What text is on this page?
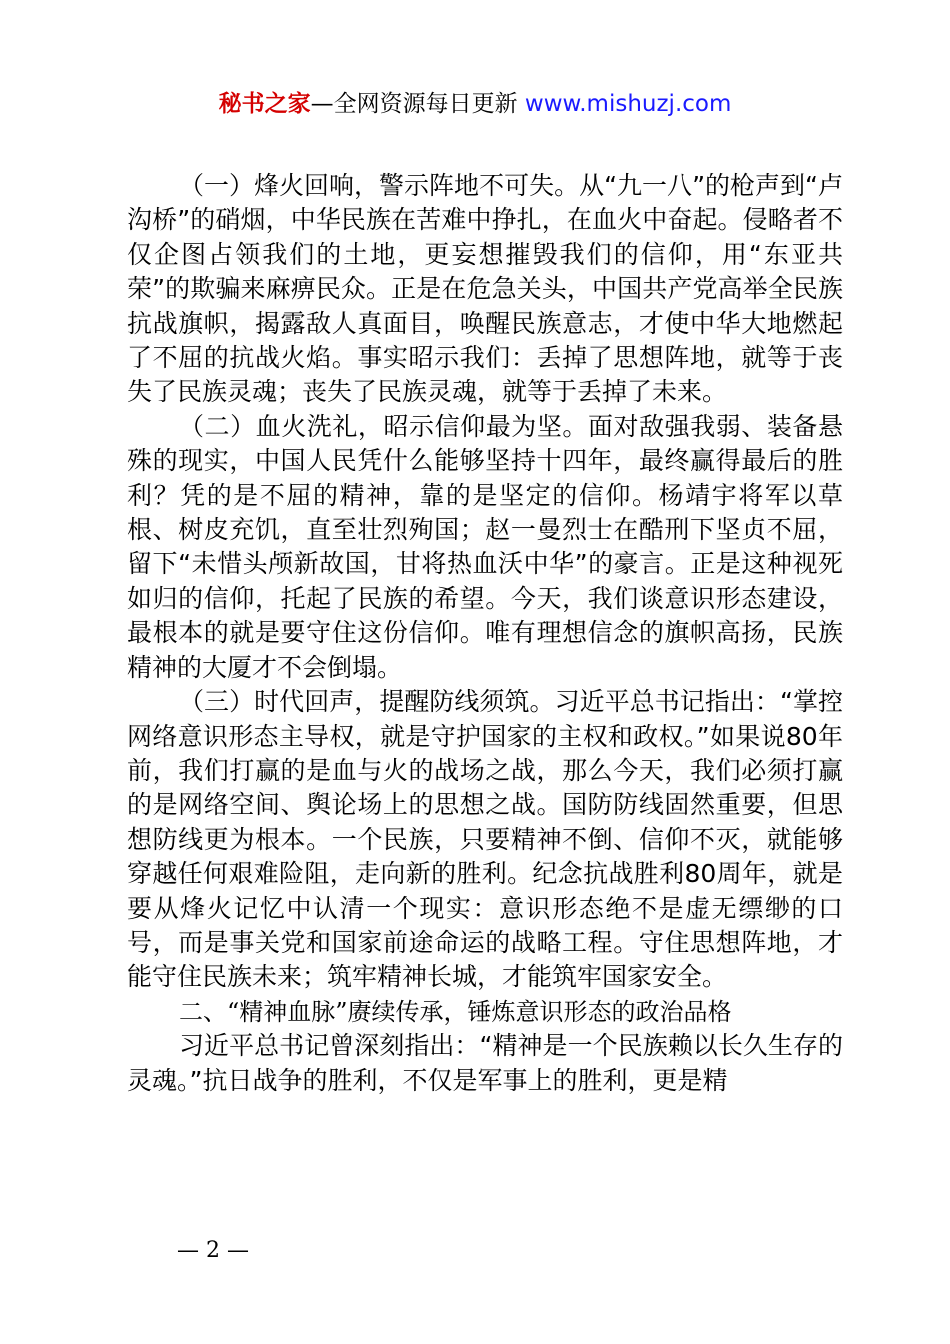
秘书之家—全网资源每日更新 www.mishuzj.com

（一）烽火回响，警示阵地不可失。从“九一八”的枪声到“卢沟桥”的硝烟，中华民族在苦难中挣扎，在血火中奋起。侵略者不仅企图占领我们的土地，更妄想摧毁我们的信仰，用“东亚共荣”的欺骗来麻痹民众。正是在危急关头，中国共产党高举全民族抗战旗帜，揭露敌人真面目，唤醒民族意志，才使中华大地燃起了不屈的抗战火焰。事实昭示我们：丢掉了思想阵地，就等于丧失了民族灵魂；丧失了民族灵魂，就等于丢掉了未来。

（二）血火洗礼，昭示信仰最为坚。面对敌强我弱、装备悬殊的现实，中国人民凭什么能够坚持十四年，最终赢得最后的胜利？凭的是不屈的精神，靠的是坚定的信仰。杨靖宇将军以草根、树皮充饥，直至壮烈殉国；赵一曼烈士在酷刑下坚贞不屈，留下“未惜头颅新故国，甘将热血沃中华”的豪言。正是这种视死如归的信仰，托起了民族的希望。今天，我们谈意识形态建设，最根本的就是要守住这份信仰。唯有理想信念的旗帜高扬，民族精神的大厦才不会倒塌。

（三）时代回声，提醒防线须筑。习近平总书记指出：“掌控网络意识形态主导权，就是守护国家的主权和政权。”如果说80年前，我们打赢的是血与火的战场之战，那么今天，我们必须打赢的是网络空间、舆论场上的思想之战。国防防线固然重要，但思想防线更为根本。一个民族，只要精神不倒、信仰不灭，就能够穿越任何艰难险阻，走向新的胜利。纪念抗战胜利80周年，就是要从烽火记忆中认清一个现实：意识形态绝不是虚无缥缈的口号，而是事关党和国家前途命运的战略工程。守住思想阵地，才能守住民族未来；筑牢精神长城，才能筑牢国家安全。

二、“精神血脉”赓续传承，锤炼意识形态的政治品格

习近平总书记曾深刻指出：“精神是一个民族赖以长久生存的灵魂。”抗日战争的胜利，不仅是军事上的胜利，更是精

— 2 —
